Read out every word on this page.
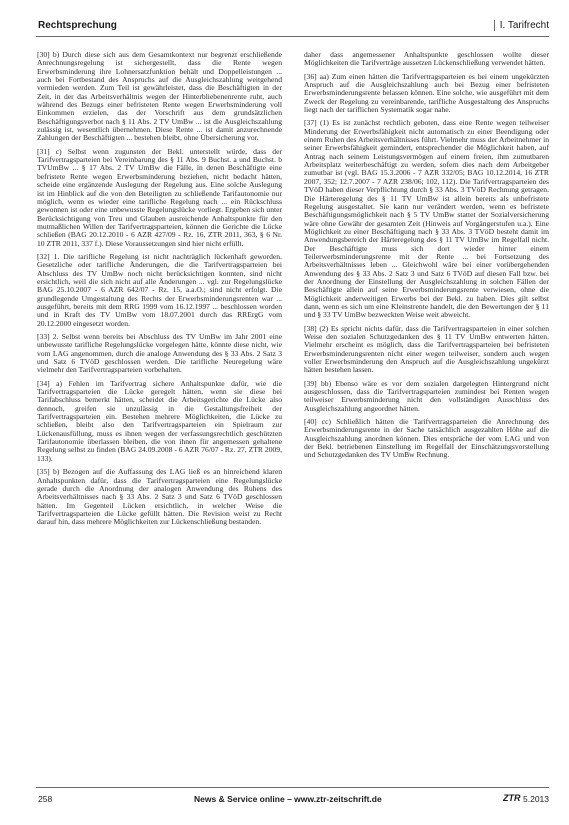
Rechtsprechung	I. Tarifrecht

[30] b) Durch diese sich aus dem Gesamtkontext nur begrenzt erschließende Anrechnungsregelung ist sichergestellt, dass die Rente wegen Erwerbsminderung ihre Lohnersatzfunktion behält und Doppelleistungen ... auch bei Fortbestand des Anspruchs auf die Ausgleichszahlung weitgehend vermieden werden. Zum Teil ist gewährleistet, dass die Beschäftigten in der Zeit, in der das Arbeitsverhältnis wegen der Hinterbliebenenrente ruht, auch während des Bezugs einer befristeten Rente wegen Erwerbsminderung voll Einkommen erzielen, das der Vorschrift aus dem grundsätzlichen Beschäftigungsverbot nach § 11 Abs. 2 TV UmBw ... ist die Ausgleichszahlung zulässig ist, wesentlich übernehmen. Diese Rente ... ist damit anzurechnende Zahlungen der Beschäftigten ... bestehen bleibt, ohne Übersicherung vor.

[31] c) Selbst wenn zugunsten der Bekl. unterstellt würde, dass der Tarifvertragsparteien bei Vereinbarung des § 11 Abs. 9 Buchst. a und Buchst. b TVUmBw ... § 17 Abs. 2 TV UmBw die Fälle, in denen Beschäftigte eine befristete Rente wegen Erwerbsminderung beziehen, nicht bedacht hätten, scheide eine ergänzende Auslegung der Regelung aus. Eine solche Auslegung ist im Hinblick auf die von den Beteiligten zu schließende Tarifautonomie nur möglich, wenn es wieder eine tarifliche Regelung nach ... ein Rückschluss gewonnen ist oder eine unbewusste Regelungslücke vorliegt. Ergeben sich unter Berücksichtigung von Treu und Glauben ausreichende Anhaltspunkte für den mutmaßlichen Willen der Tarifvertragsparteien, können die Gerichte die Lücke schließen (BAG 20.12.2010 - 6 AZR 427/09 - Rz. 16, ZTR 2011, 363, § 6 Nr. 10 ZTR 2011, 337 f.). Diese Voraussetzungen sind hier nicht erfüllt.

[32] 1. Die tarifliche Regelung ist nicht nachträglich lückenhaft geworden. Gesetzliche oder tarifliche Änderungen, die die Tarifvertragsparteien bei Abschluss des TV UmBw noch nicht berücksichtigen konnten, sind nicht ersichtlich, weil die sich nicht auf alle Änderungen ... vgl. zur Regelungslücke BAG 25.10.2007 - 6 AZR 642/07 - Rz. 15, a.a.O.; sind nicht erfolgt. Die grundlegende Umgestaltung des Rechts der Erwerbsminderungsrenten war ... ausgeführt, bereits mit dem RRG 1999 vom 16.12.1997 ... beschlossen worden und in Kraft des TV UmBw vom 18.07.2001 durch das RRErgG vom 20.12.2000 eingesetzt worden.

[33] 2. Selbst wenn bereits bei Abschluss des TV UmBw im Jahr 2001 eine unbewusste tarifliche Regelungslücke vorgelegen hätte, könnte diese nicht, wie vom LAG angenommen, durch die analoge Anwendung des § 33 Abs. 2 Satz 3 und Satz 6 TVöD geschlossen werden. Die tarifliche Neuregelung wäre vielmehr den Tarifvertragsparteien vorbehalten.

[34] a) Fehlen im Tarifvertrag sichere Anhaltspunkte dafür, wie die Tarifvertragsparteien die Lücke geregelt hätten, wenn sie diese bei Tarifabschluss bemerkt hätten, scheidet die Arbeitsgerichte die Lücke also dennoch, greifen sie unzulässig in die Gestaltungsfreiheit der Tarifvertragsparteien ein. Bestehen mehrere Möglichkeiten, die Lücke zu schließen, bleibt also den Tarifvertragsparteien ein Spielraum zur Lückenausfüllung, muss es ihnen wegen der verfassungsrechtlich geschützten Tarifautonomie überlassen bleiben, die von ihnen für angemessen gehaltene Regelung selbst zu finden (BAG 24.09.2008 - 6 AZR 76/07 - Rz. 27, ZTR 2009, 133).

[35] b) Bezogen auf die Auffassung des LAG ließ es an hinreichend klaren Anhaltspunkten dafür, dass die Tarifvertragsparteien eine Regelungslücke gerade durch die Anordnung der analogen Anwendung des Ruhens des Arbeitsverhältnisses nach § 33 Abs. 2 Satz 3 und Satz 6 TVöD geschlossen hätten. Im Gegenteil Lücken ersichtlich, in welcher Weise die Tarifvertragsparteien die Lücke gefüllt hätten. Die Revision weist zu Recht darauf hin, dass mehrere Möglichkeiten zur Lückenschließung bestanden.

daher dass angemessener Anhaltspunkte geschlossen wollte dieser Möglichkeiten die Tarifverträge aussetzen Lückenschließung verwendet hätten.

[36] aa) Zum einen hätten die Tarifvertragsparteien es bei einem ungekürzten Anspruch auf die Ausgleichszahlung auch bei Bezug einer befristeten Erwerbsminderungsrente belassen können. Eine solche, wie ausgeführt mit dem Zweck der Regelung zu vereinbarende, tarifliche Ausgestaltung des Anspruchs liegt nach der tariflichen Systematik sogar nahe.

[37] (1) Es ist zunächst rechtlich geboten, dass eine Rente wegen teilweiser Minderung der Erwerbsfähigkeit nicht automatisch zu einer Beendigung oder einem Ruhen des Arbeitsverhältnisses führt. Vielmehr muss der Arbeitnehmer in seiner Erwerbsfähigkeit gemindert, entsprechender die Möglichkeit haben, auf Antrag nach seinem Leistungsvermögen auf einem freien, ihm zumutbaren Arbeitsplatz weiterbeschäftigt zu werden, sofern dies nach dem Arbeitgeber zumutbar ist (vgl. BAG 15.3.2006 - 7 AZR 332/05; BAG 10.12.2014, 16 ZTR 2007, 352; 12.7.2007 - 7 AZR 238/06; 102, 112). Die Tarifvertragsparteien des TVöD haben dieser Verpflichtung durch § 33 Abs. 3 TVöD Rechnung getragen. Die Härteregelung des § 11 TV UmBw ist allein bereits als unbefristete Regelung ausgestaltet. Sie kann nur verändert werden, wenn es befristete Beschäftigungsmöglichkeit nach § 5 TV UmBw stattet der Sozialversicherung wäre ohne Gewähr der gesamten Zeit (Hinweis auf Vorgängerstufen u.a.). Eine Möglichkeit zu einer Beschäftigung nach § 33 Abs. 3 TVöD besteht damit im Anwendungsbereich der Härteregelung des § 11 TV UmBw im Regelfall nicht. Der Beschäftigte muss sich dort wieder hinter einem Teilerwerbsminderungsrente mit der Rente ... bei Fortsetzung des Arbeitsverhältnisses leben ... Gleichwohl wäre bei einer vorübergehenden Anwendung des § 33 Abs. 2 Satz 3 und Satz 6 TVöD auf diesen Fall bzw. bei der Anordnung der Einstellung der Ausgleichszahlung in solchen Fällen der Beschäftigte allein auf seine Erwerbsminderungsrente verwiesen, ohne die Möglichkeit anderweitigen Erwerbs bei der Bekl. zu haben. Dies gilt selbst dann, wenn es sich um eine Kleinstrente handelt, die den Bewertungen der § 11 und § 33 TV UmBw bezweckten Weise weit abweicht.

[38] (2) Es spricht nichts dafür, dass die Tarifvertragsparteien in einer solchen Weise den sozialen Schutzgedanken des § 11 TV UmBw entwerten hätten. Vielmehr erscheint es möglich, dass die Tarifvertragsparteien bei befristeten Erwerbsminderungsrenten nicht einer wegen teilweiser, sondern auch wegen voller Erwerbsminderung den Anspruch auf die Ausgleichszahlung ungekürzt hätten bestehen lassen.

[39] bb) Ebenso wäre es vor dem sozialen dargelegten Hintergrund nicht ausgeschlossen, dass die Tarifvertragsparteien zumindest bei Renten wegen teilweiser Erwerbsminderung nicht den vollständigen Ausschluss des Ausgleichszahlung angeordnet hätten.

[40] cc) Schließlich hätten die Tarifvertragsparteien die Anrechnung des Erwerbsminderungsrente in der Sache tatsächlich ausgezahlten Höhe auf die Ausgleichszahlung anordnen können. Dies entspräche der vom LAG und von der Bekl. betriebenen Einstellung im Regelfall der Einschätzungsvorstellung und Schutzgedanken des TV UmBw Rechnung.

258	News & Service online – www.ztr-zeitschrift.de	ZTR 5.2013
